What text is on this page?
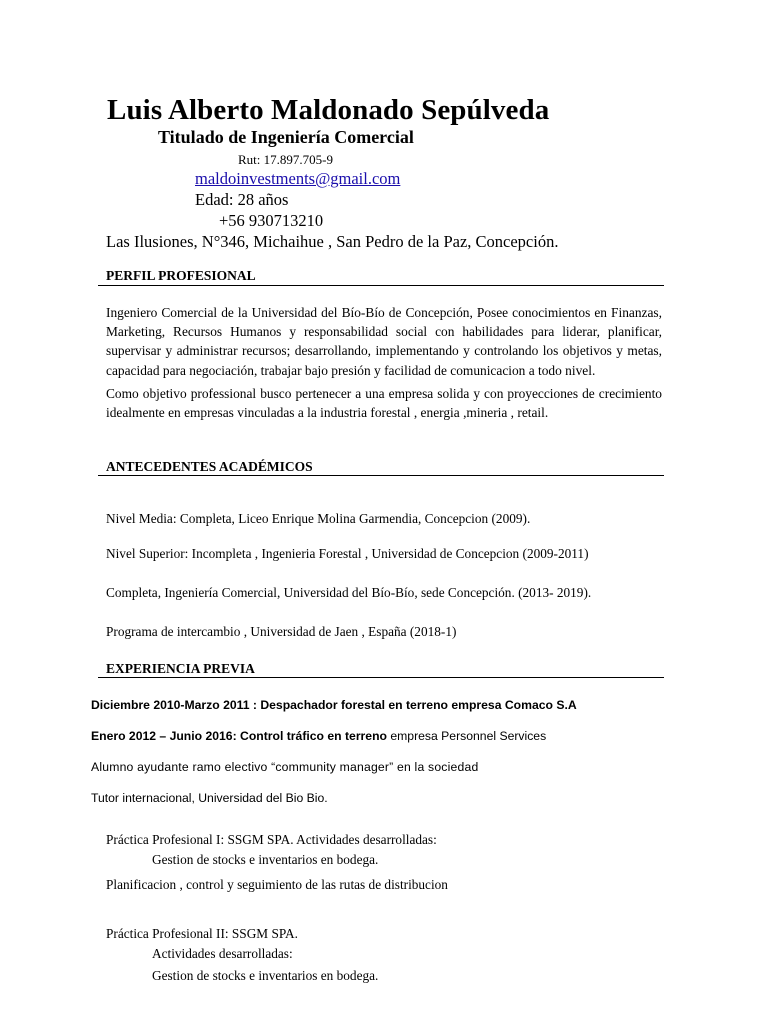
Luis Alberto Maldonado Sepúlveda
Titulado de Ingeniería Comercial
Rut: 17.897.705-9
maldoinvestments@gmail.com
Edad: 28 años
+56 930713210
Las Ilusiones, N°346, Michaihue , San Pedro de la Paz, Concepción.
PERFIL PROFESIONAL

Ingeniero Comercial de la Universidad del Bío-Bío de Concepción, Posee conocimientos en Finanzas, Marketing, Recursos Humanos y responsabilidad social con habilidades para liderar, planificar, supervisar y administrar recursos; desarrollando, implementando y controlando los objetivos y metas, capacidad para negociación, trabajar bajo presión y facilidad de comunicacion a todo nivel.

Como objetivo professional busco pertenecer a una empresa solida y con proyecciones de crecimiento idealmente en empresas vinculadas a la industria forestal , energia ,mineria , retail.

ANTECEDENTES ACADÉMICOS
Nivel Media: Completa, Liceo Enrique Molina Garmendia, Concepcion (2009).
Nivel Superior: Incompleta , Ingenieria Forestal , Universidad de Concepcion (2009-2011)
Completa, Ingeniería Comercial, Universidad del Bío-Bío, sede Concepción. (2013- 2019).
Programa de intercambio , Universidad de Jaen , España (2018-1)
EXPERIENCIA PREVIA
Diciembre 2010-Marzo 2011 : Despachador forestal en terreno empresa Comaco S.A
Enero 2012 – Junio 2016: Control tráfico en terreno empresa Personnel Services
Alumno ayudante ramo electivo “community manager” en la sociedad
Tutor internacional, Universidad del Bio Bio.
Práctica Profesional I: SSGM SPA. Actividades desarrolladas:
Gestion de stocks e inventarios en bodega.
Planificacion , control y seguimiento de las rutas de distribucion
Práctica Profesional II: SSGM SPA.
Actividades desarrolladas:
Gestion de stocks e inventarios en bodega.
